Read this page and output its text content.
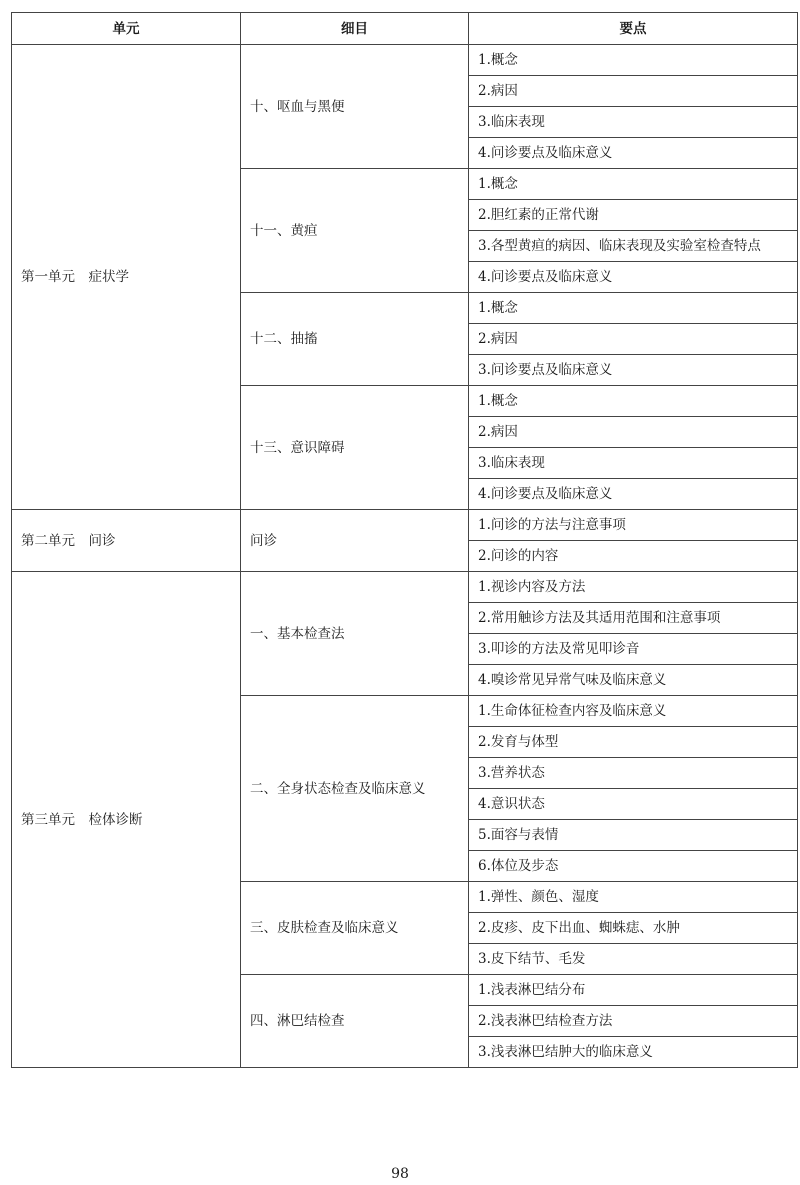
单元	细目	要点
第一单元　症状学	十、呕血与黑便	1.概念
		2.病因
		3.临床表现
		4.问诊要点及临床意义
	十一、黄疸	1.概念
		2.胆红素的正常代谢
		3.各型黄疸的病因、临床表现及实验室检查特点
		4.问诊要点及临床意义
	十二、抽搐	1.概念
		2.病因
		3.问诊要点及临床意义
	十三、意识障碍	1.概念
		2.病因
		3.临床表现
		4.问诊要点及临床意义
第二单元　问诊	问诊	1.问诊的方法与注意事项
		2.问诊的内容
第三单元　检体诊断	一、基本检查法	1.视诊内容及方法
		2.常用触诊方法及其适用范围和注意事项
		3.叩诊的方法及常见叩诊音
		4.嗅诊常见异常气味及临床意义
	二、全身状态检查及临床意义	1.生命体征检查内容及临床意义
		2.发育与体型
		3.营养状态
		4.意识状态
		5.面容与表情
		6.体位及步态
	三、皮肤检查及临床意义	1.弹性、颜色、湿度
		2.皮疹、皮下出血、蜘蛛痣、水肿
		3.皮下结节、毛发
	四、淋巴结检查	1.浅表淋巴结分布
		2.浅表淋巴结检查方法
		3.浅表淋巴结肿大的临床意义
98
